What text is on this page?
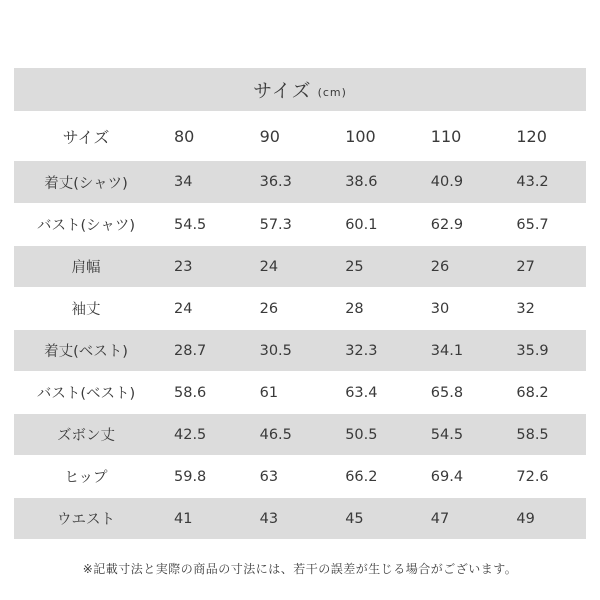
サイズ (cm)
サイズ	80	90	100	110	120
着丈(シャツ)	34	36.3	38.6	40.9	43.2
バスト(シャツ)	54.5	57.3	60.1	62.9	65.7
肩幅	23	24	25	26	27
袖丈	24	26	28	30	32
着丈(ベスト)	28.7	30.5	32.3	34.1	35.9
バスト(ベスト)	58.6	61	63.4	65.8	68.2
ズボン丈	42.5	46.5	50.5	54.5	58.5
ヒップ	59.8	63	66.2	69.4	72.6
ウエスト	41	43	45	47	49
※記載寸法と実際の商品の寸法には、若干の誤差が生じる場合がございます。
